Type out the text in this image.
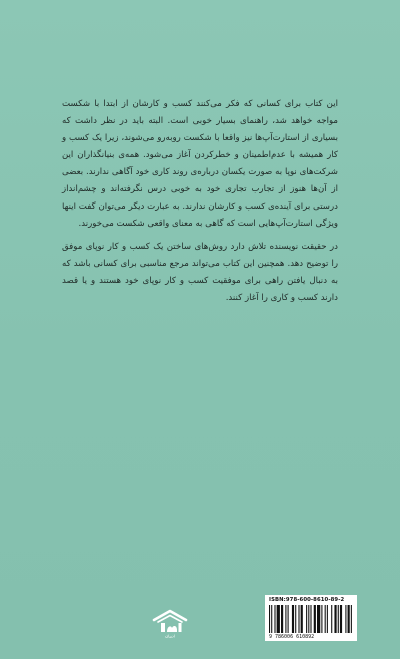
این کتاب برای کسانی که فکر می‌کنند کسب و کارشان از ابتدا با شکست مواجه خواهد شد، راهنمای بسیار خوبی است. البته باید در نظر داشت که بسیاری از استارت‌آپ‌ها نیز واقعا با شکست روبه‌رو می‌شوند، زیرا یک کسب و کار همیشه با عدم‌اطمینان و خطرکردن آغاز می‌شود. همه‌ی بنیانگذاران این شرکت‌های نوپا به صورت یکسان درباره‌ی روند کاری خود آگاهی ندارند. بعضی از آن‌ها هنوز از تجارب تجاری خود به خوبی درس نگرفته‌اند و چشم‌انداز درستی برای آینده‌ی کسب و کارشان ندارند. به عبارت دیگر می‌توان گفت اینها ویژگی استارت‌آپ‌هایی است که گاهی به معنای واقعی شکست می‌خورند.

در حقیقت نویسنده تلاش دارد روش‌های ساختن یک کسب و کار نوپای موفق را توضیح دهد. همچنین این کتاب می‌تواند مرجع مناسبی برای کسانی باشد که به دنبال یافتن راهی برای موفقیت کسب و کار نوپای خود هستند و یا قصد دارند کسب و کاری را آغاز کنند.

ادیبان
ISBN:978-600-8610-89-2
9 786006 610892
